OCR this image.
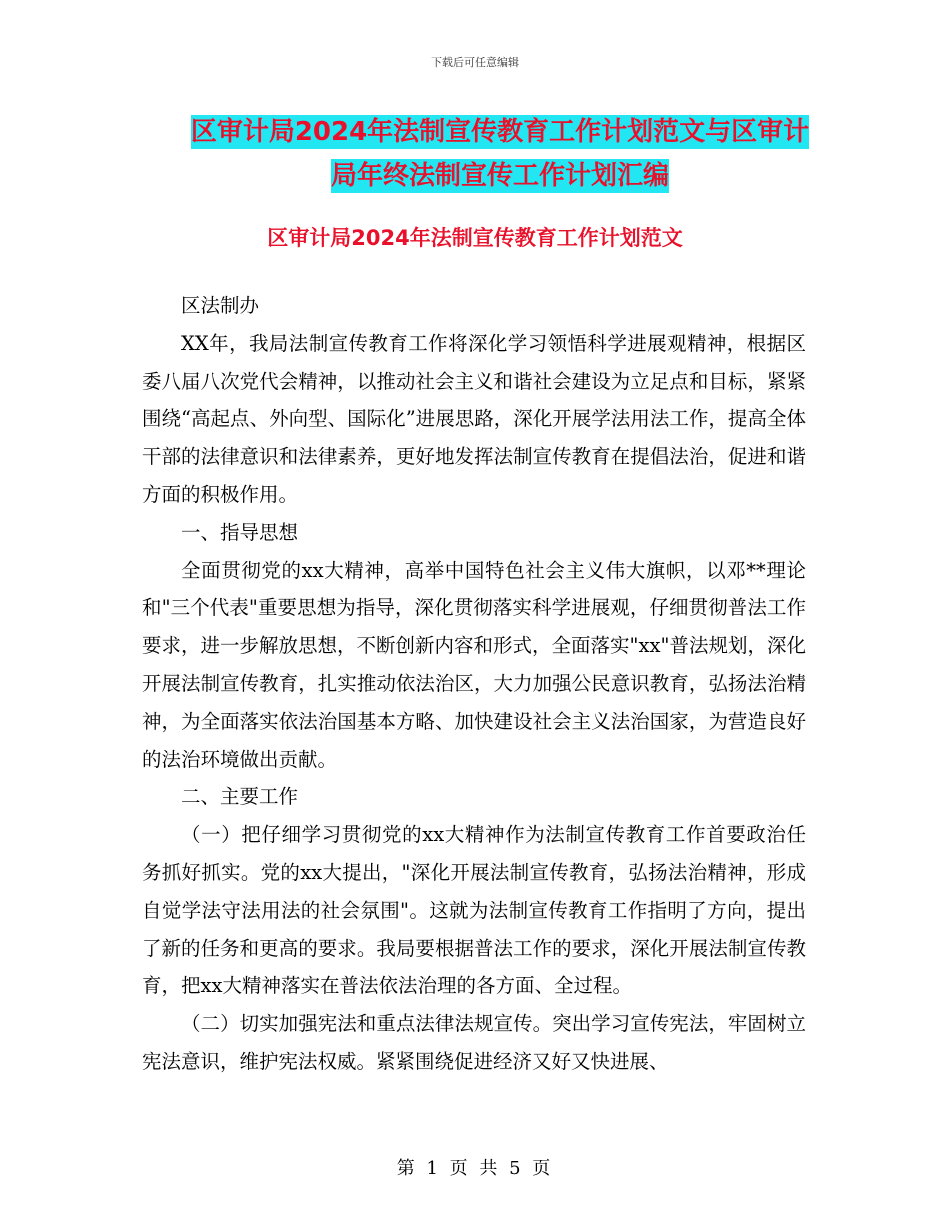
下载后可任意编辑
区审计局2024年法制宣传教育工作计划范文与区审计
局年终法制宣传工作计划汇编
区审计局2024年法制宣传教育工作计划范文

区法制办

XX年，我局法制宣传教育工作将深化学习领悟科学进展观精神，根据区委八届八次党代会精神，以推动社会主义和谐社会建设为立足点和目标，紧紧围绕“高起点、外向型、国际化”进展思路，深化开展学法用法工作，提高全体干部的法律意识和法律素养，更好地发挥法制宣传教育在提倡法治，促进和谐方面的积极作用。

一、指导思想

全面贯彻党的xx大精神，高举中国特色社会主义伟大旗帜，以邓**理论和"三个代表"重要思想为指导，深化贯彻落实科学进展观，仔细贯彻普法工作要求，进一步解放思想，不断创新内容和形式，全面落实"xx"普法规划，深化开展法制宣传教育，扎实推动依法治区，大力加强公民意识教育，弘扬法治精神，为全面落实依法治国基本方略、加快建设社会主义法治国家，为营造良好的法治环境做出贡献。

二、主要工作

（一）把仔细学习贯彻党的xx大精神作为法制宣传教育工作首要政治任务抓好抓实。党的xx大提出，"深化开展法制宣传教育，弘扬法治精神，形成自觉学法守法用法的社会氛围"。这就为法制宣传教育工作指明了方向，提出了新的任务和更高的要求。我局要根据普法工作的要求，深化开展法制宣传教育，把xx大精神落实在普法依法治理的各方面、全过程。

（二）切实加强宪法和重点法律法规宣传。突出学习宣传宪法，牢固树立宪法意识，维护宪法权威。紧紧围绕促进经济又好又快进展、

第 1 页 共 5 页
